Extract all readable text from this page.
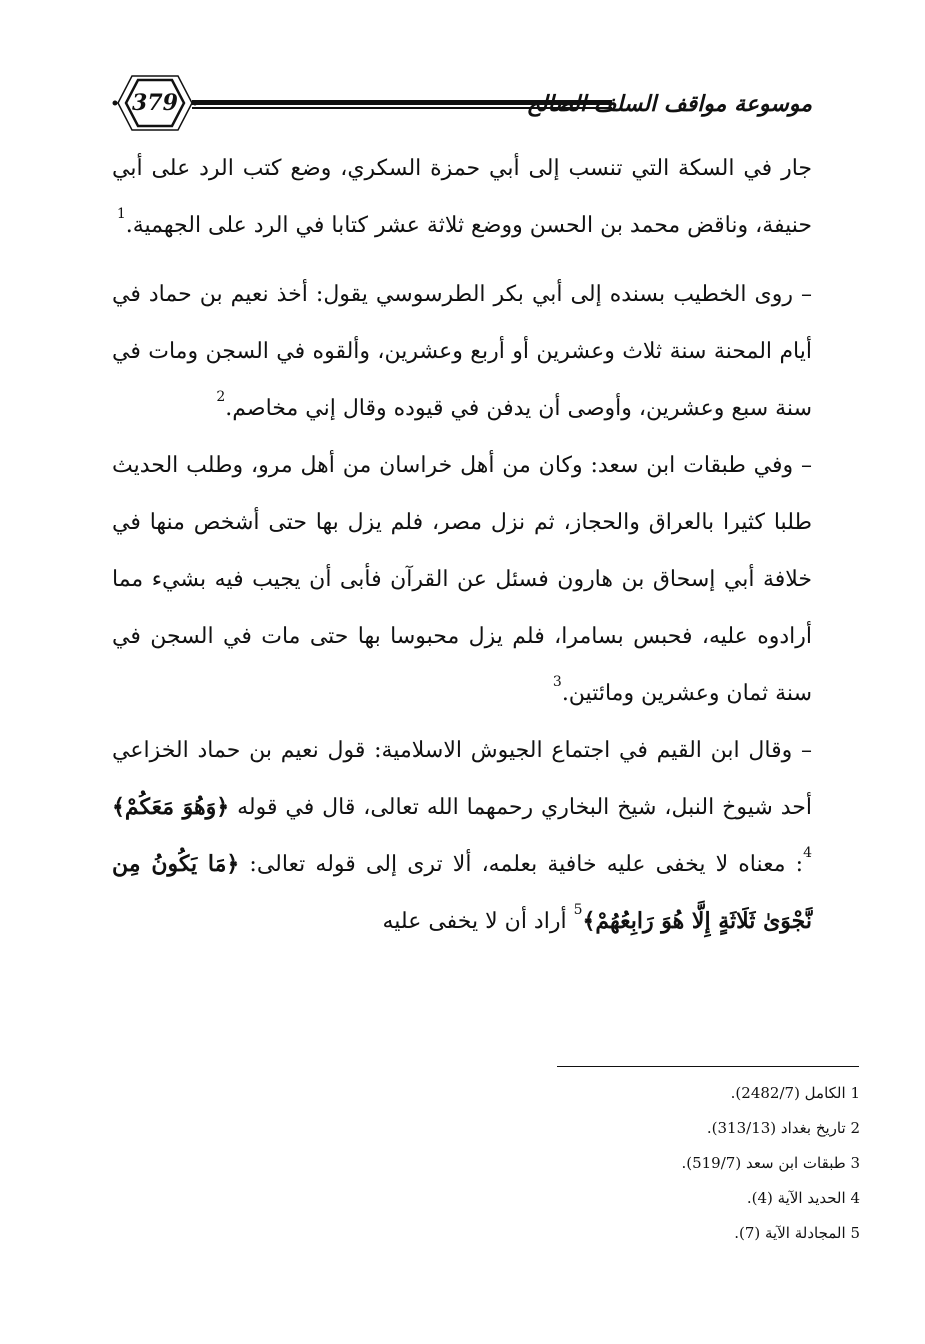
379	موسوعة مواقف السلف الصالح

جار في السكة التي تنسب إلى أبي حمزة السكري، وضع كتب الرد على أبي حنيفة، وناقض محمد بن الحسن ووضع ثلاثة عشر كتابا في الرد على الجهمية.$^1$

– روى الخطيب بسنده إلى أبي بكر الطرسوسي يقول: أخذ نعيم بن حماد في أيام المحنة سنة ثلاث وعشرين أو أربع وعشرين، وألقوه في السجن ومات في سنة سبع وعشرين، وأوصى أن يدفن في قيوده وقال إني مخاصم.$^2$

– وفي طبقات ابن سعد: وكان من أهل خراسان من أهل مرو، وطلب الحديث طلبا كثيرا بالعراق والحجاز، ثم نزل مصر، فلم يزل بها حتى أشخص منها في خلافة أبي إسحاق بن هارون فسئل عن القرآن فأبى أن يجيب فيه بشيء مما أرادوه عليه، فحبس بسامرا، فلم يزل محبوسا بها حتى مات في السجن في سنة ثمان وعشرين ومائتين.$^3$

– وقال ابن القيم في اجتماع الجيوش الاسلامية: قول نعيم بن حماد الخزاعي أحد شيوخ النبل، شيخ البخاري رحمهما الله تعالى، قال في قوله ﴿وَهُوَ مَعَكُمْ﴾$^4$: معناه لا يخفى عليه خافية بعلمه، ألا ترى إلى قوله تعالى: ﴿مَا يَكُونُ مِن نَّجْوَىٰ ثَلَاثَةٍ إِلَّا هُوَ رَابِعُهُمْ﴾$^5$ أراد أن لا يخفى عليه

1 الكامل (2482/7).

2 تاريخ بغداد (313/13).

3 طبقات ابن سعد (519/7).

4 الحديد الآية (4).

5 المجادلة الآية (7).
